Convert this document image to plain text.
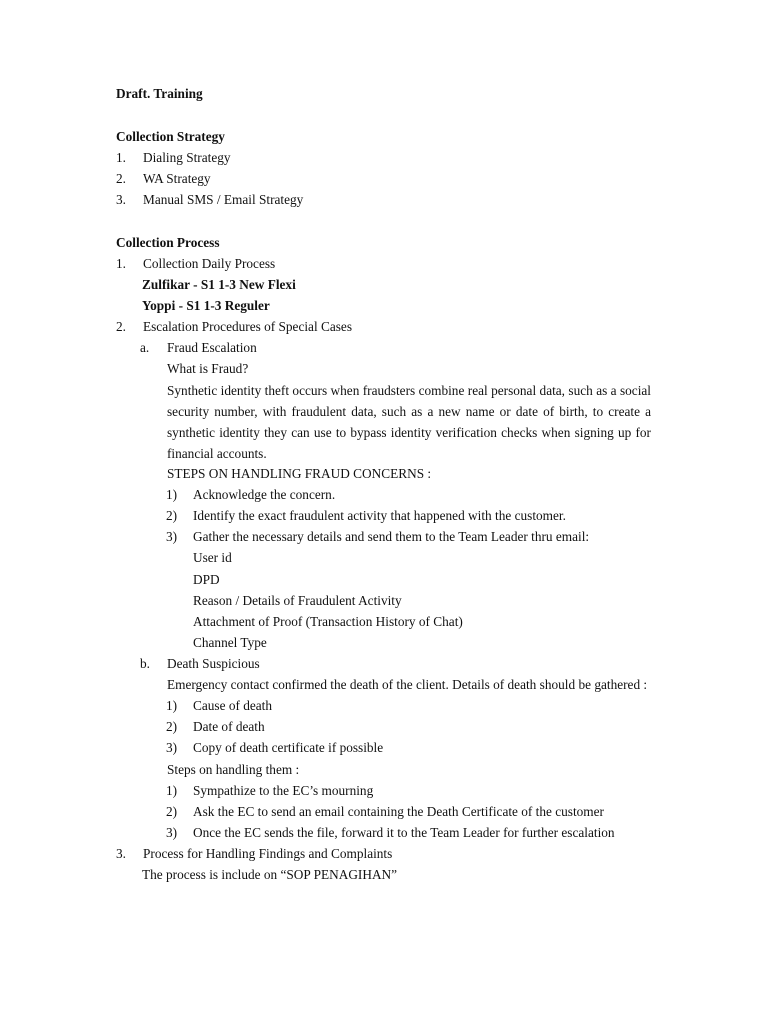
Draft. Training
Collection Strategy
1. Dialing Strategy
2. WA Strategy
3. Manual SMS / Email Strategy
Collection Process
1. Collection Daily Process
Zulfikar - S1 1-3 New Flexi
Yoppi - S1 1-3 Reguler
2. Escalation Procedures of Special Cases
a. Fraud Escalation
What is Fraud?
Synthetic identity theft occurs when fraudsters combine real personal data, such as a social security number, with fraudulent data, such as a new name or date of birth, to create a synthetic identity they can use to bypass identity verification checks when signing up for financial accounts.
STEPS ON HANDLING FRAUD CONCERNS :
1) Acknowledge the concern.
2) Identify the exact fraudulent activity that happened with the customer.
3) Gather the necessary details and send them to the Team Leader thru email:
User id
DPD
Reason / Details of Fraudulent Activity
Attachment of Proof (Transaction History of Chat)
Channel Type
b. Death Suspicious
Emergency contact confirmed the death of the client. Details of death should be gathered :
1) Cause of death
2) Date of death
3) Copy of death certificate if possible
Steps on handling them :
1) Sympathize to the EC’s mourning
2) Ask the EC to send an email containing the Death Certificate of the customer
3) Once the EC sends the file, forward it to the Team Leader for further escalation
3. Process for Handling Findings and Complaints
The process is include on “SOP PENAGIHAN”
